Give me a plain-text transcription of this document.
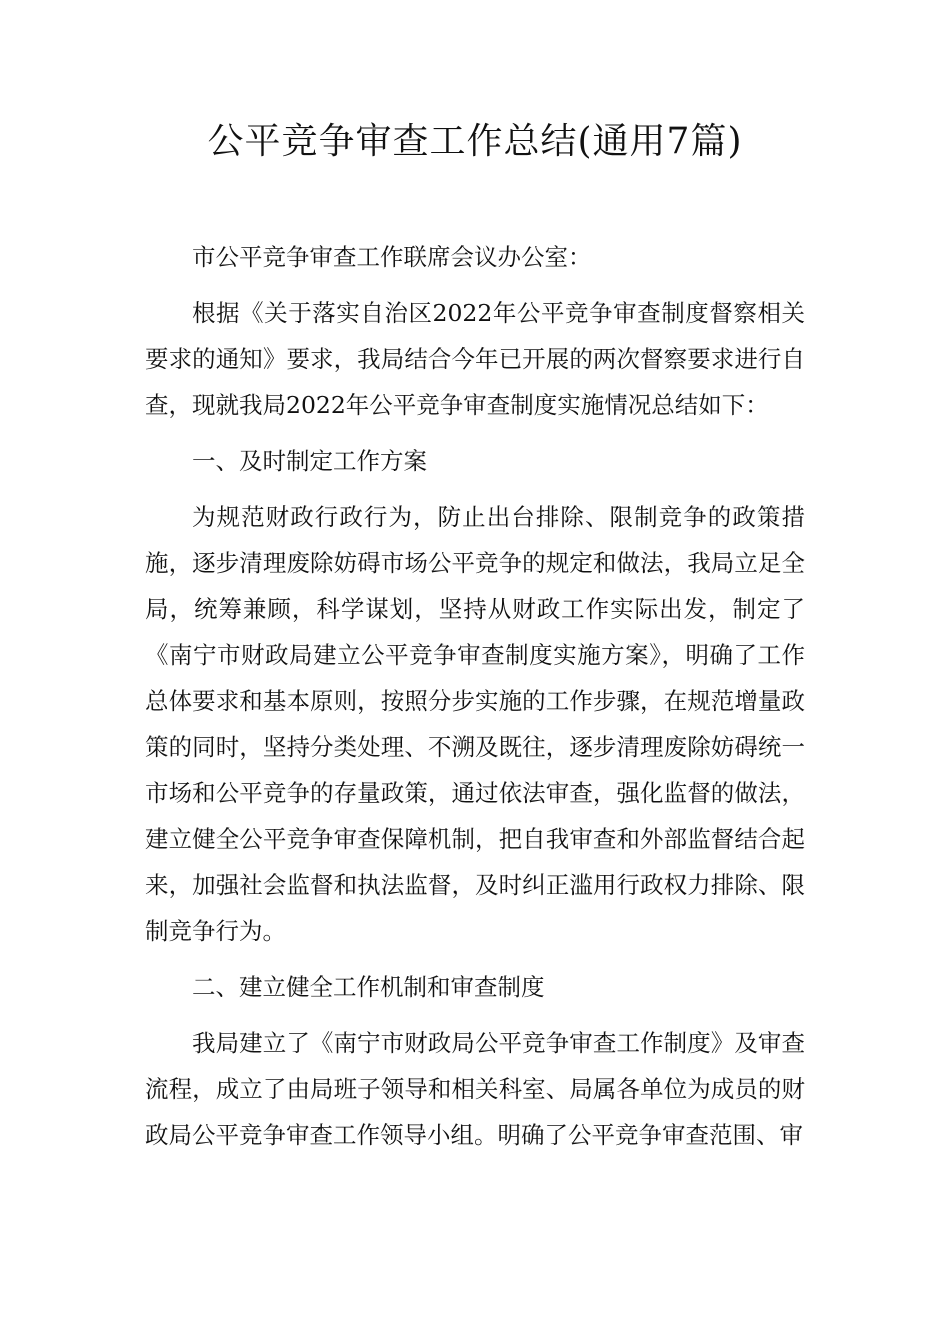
公平竞争审查工作总结(通用7篇)

市公平竞争审查工作联席会议办公室：

根据《关于落实自治区2022年公平竞争审查制度督察相关要求的通知》要求，我局结合今年已开展的两次督察要求进行自查，现就我局2022年公平竞争审查制度实施情况总结如下：

一、及时制定工作方案

为规范财政行政行为，防止出台排除、限制竞争的政策措施，逐步清理废除妨碍市场公平竞争的规定和做法，我局立足全局，统筹兼顾，科学谋划，坚持从财政工作实际出发，制定了《南宁市财政局建立公平竞争审查制度实施方案》，明确了工作总体要求和基本原则，按照分步实施的工作步骤，在规范增量政策的同时，坚持分类处理、不溯及既往，逐步清理废除妨碍统一市场和公平竞争的存量政策，通过依法审查，强化监督的做法，建立健全公平竞争审查保障机制，把自我审查和外部监督结合起来，加强社会监督和执法监督，及时纠正滥用行政权力排除、限制竞争行为。

二、建立健全工作机制和审查制度

我局建立了《南宁市财政局公平竞争审查工作制度》及审查流程，成立了由局班子领导和相关科室、局属各单位为成员的财政局公平竞争审查工作领导小组。明确了公平竞争审查范围、审
